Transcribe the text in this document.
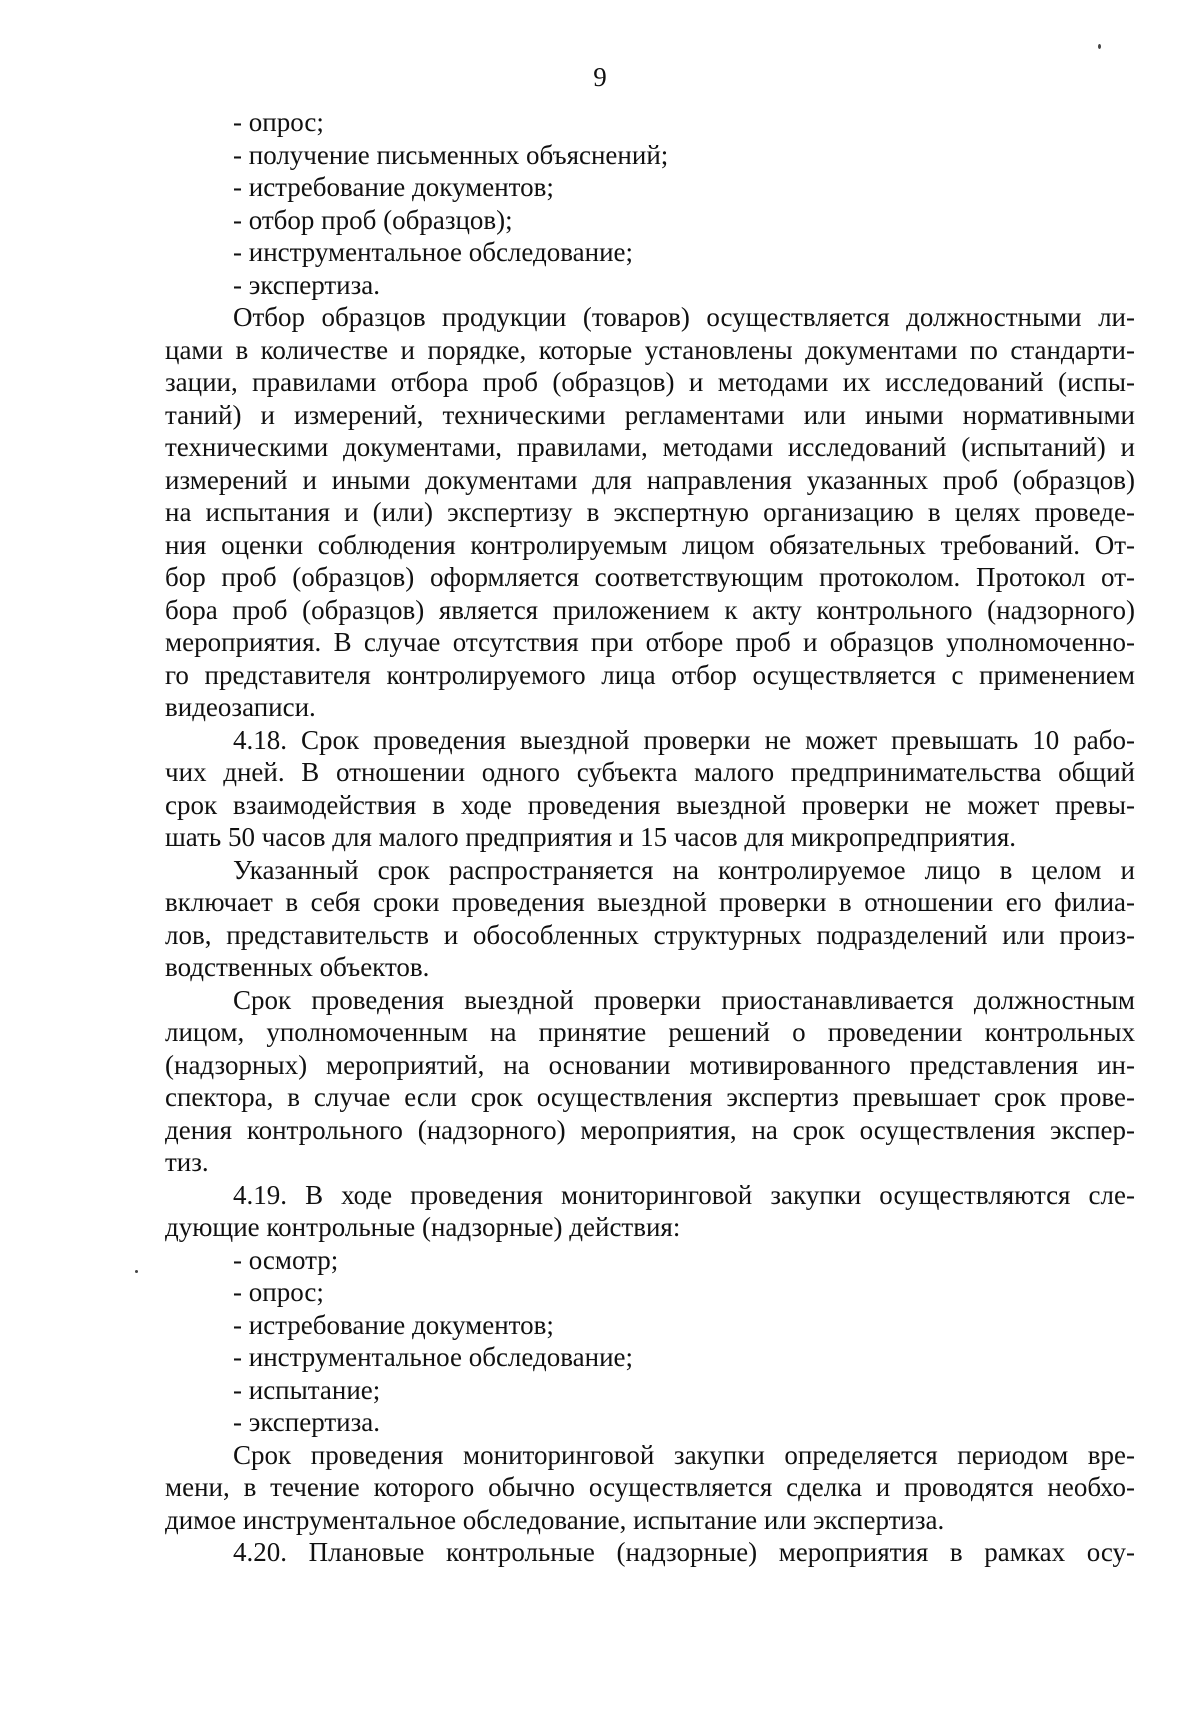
9
- опрос;
- получение письменных объяснений;
- истребование документов;
- отбор проб (образцов);
- инструментальное обследование;
- экспертиза.
Отбор образцов продукции (товаров) осуществляется должностными ли-
цами в количестве и порядке, которые установлены документами по стандарти-
зации, правилами отбора проб (образцов) и методами их исследований (испы-
таний) и измерений, техническими регламентами или иными нормативными
техническими документами, правилами, методами исследований (испытаний) и
измерений и иными документами для направления указанных проб (образцов)
на испытания и (или) экспертизу в экспертную организацию в целях проведе-
ния оценки соблюдения контролируемым лицом обязательных требований. От-
бор проб (образцов) оформляется соответствующим протоколом. Протокол от-
бора проб (образцов) является приложением к акту контрольного (надзорного)
мероприятия. В случае отсутствия при отборе проб и образцов уполномоченно-
го представителя контролируемого лица отбор осуществляется с применением
видеозаписи.
4.18. Срок проведения выездной проверки не может превышать 10 рабо-
чих дней. В отношении одного субъекта малого предпринимательства общий
срок взаимодействия в ходе проведения выездной проверки не может превы-
шать 50 часов для малого предприятия и 15 часов для микропредприятия.
Указанный срок распространяется на контролируемое лицо в целом и
включает в себя сроки проведения выездной проверки в отношении его филиа-
лов, представительств и обособленных структурных подразделений или произ-
водственных объектов.
Срок проведения выездной проверки приостанавливается должностным
лицом, уполномоченным на принятие решений о проведении контрольных
(надзорных) мероприятий, на основании мотивированного представления ин-
спектора, в случае если срок осуществления экспертиз превышает срок прове-
дения контрольного (надзорного) мероприятия, на срок осуществления экспер-
тиз.
4.19. В ходе проведения мониторинговой закупки осуществляются сле-
дующие контрольные (надзорные) действия:
- осмотр;
- опрос;
- истребование документов;
- инструментальное обследование;
- испытание;
- экспертиза.
Срок проведения мониторинговой закупки определяется периодом вре-
мени, в течение которого обычно осуществляется сделка и проводятся необхо-
димое инструментальное обследование, испытание или экспертиза.
4.20. Плановые контрольные (надзорные) мероприятия в рамках осу-
